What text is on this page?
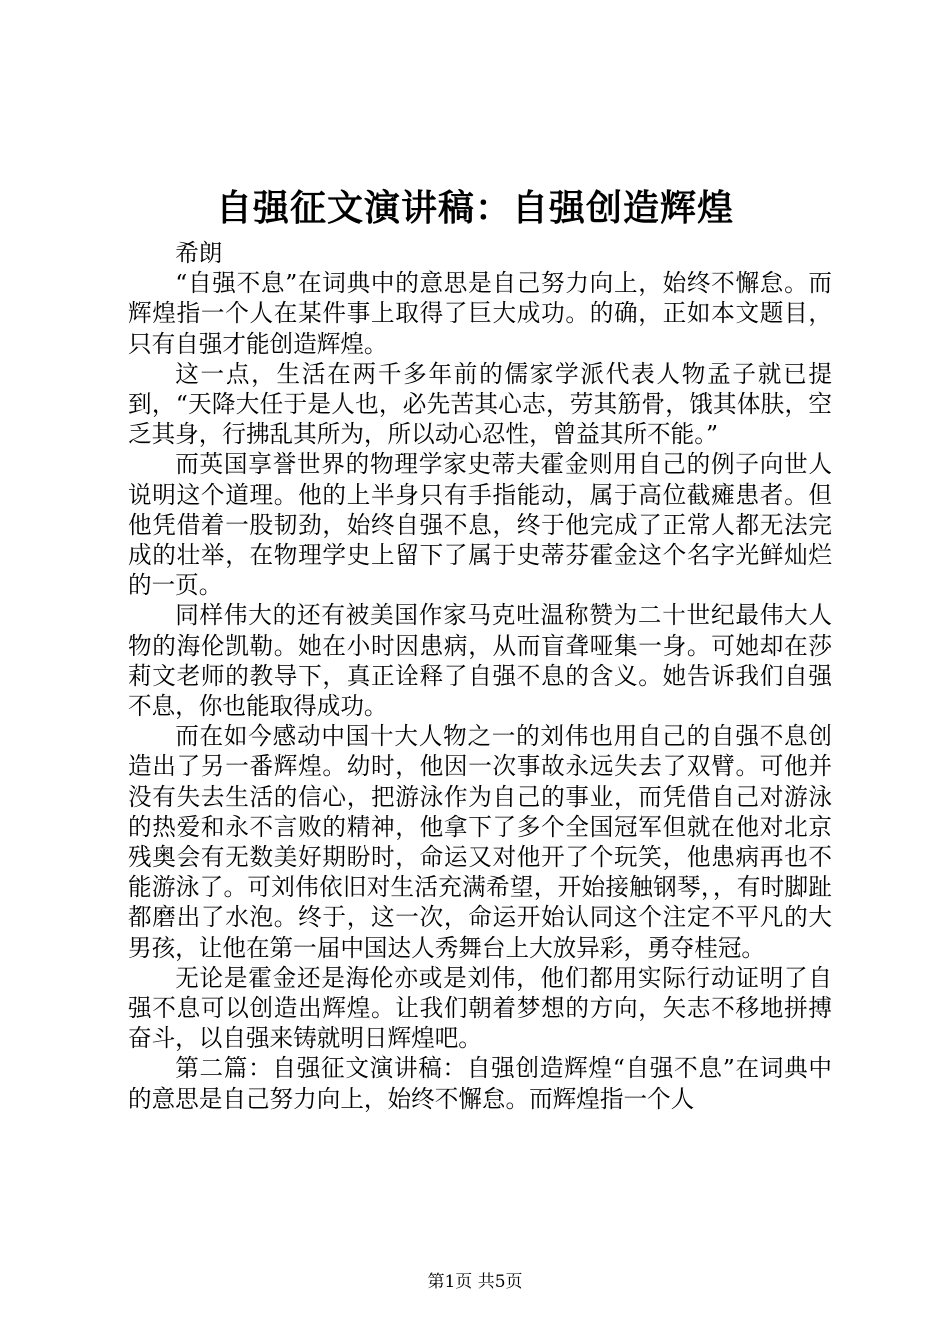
自强征文演讲稿：自强创造辉煌

希朗

“自强不息”在词典中的意思是自己努力向上，始终不懈怠。而辉煌指一个人在某件事上取得了巨大成功。的确，正如本文题目，只有自强才能创造辉煌。

这一点，生活在两千多年前的儒家学派代表人物孟子就已提到，“天降大任于是人也，必先苦其心志，劳其筋骨，饿其体肤，空乏其身，行拂乱其所为，所以动心忍性，曾益其所不能。”

而英国享誉世界的物理学家史蒂夫霍金则用自己的例子向世人说明这个道理。他的上半身只有手指能动，属于高位截瘫患者。但他凭借着一股韧劲，始终自强不息，终于他完成了正常人都无法完成的壮举，在物理学史上留下了属于史蒂芬霍金这个名字光鲜灿烂的一页。

同样伟大的还有被美国作家马克吐温称赞为二十世纪最伟大人物的海伦凯勒。她在小时因患病，从而盲聋哑集一身。可她却在莎莉文老师的教导下，真正诠释了自强不息的含义。她告诉我们自强不息，你也能取得成功。

而在如今感动中国十大人物之一的刘伟也用自己的自强不息创造出了另一番辉煌。幼时，他因一次事故永远失去了双臂。可他并没有失去生活的信心，把游泳作为自己的事业，而凭借自己对游泳的热爱和永不言败的精神，他拿下了多个全国冠军但就在他对北京残奥会有无数美好期盼时，命运又对他开了个玩笑，他患病再也不能游泳了。可刘伟依旧对生活充满希望，开始接触钢琴，，有时脚趾都磨出了水泡。终于，这一次，命运开始认同这个注定不平凡的大男孩，让他在第一届中国达人秀舞台上大放异彩，勇夺桂冠。

无论是霍金还是海伦亦或是刘伟，他们都用实际行动证明了自强不息可以创造出辉煌。让我们朝着梦想的方向，矢志不移地拼搏奋斗，以自强来铸就明日辉煌吧。

第二篇：自强征文演讲稿：自强创造辉煌“自强不息”在词典中的意思是自己努力向上，始终不懈怠。而辉煌指一个人

第1页 共5页
